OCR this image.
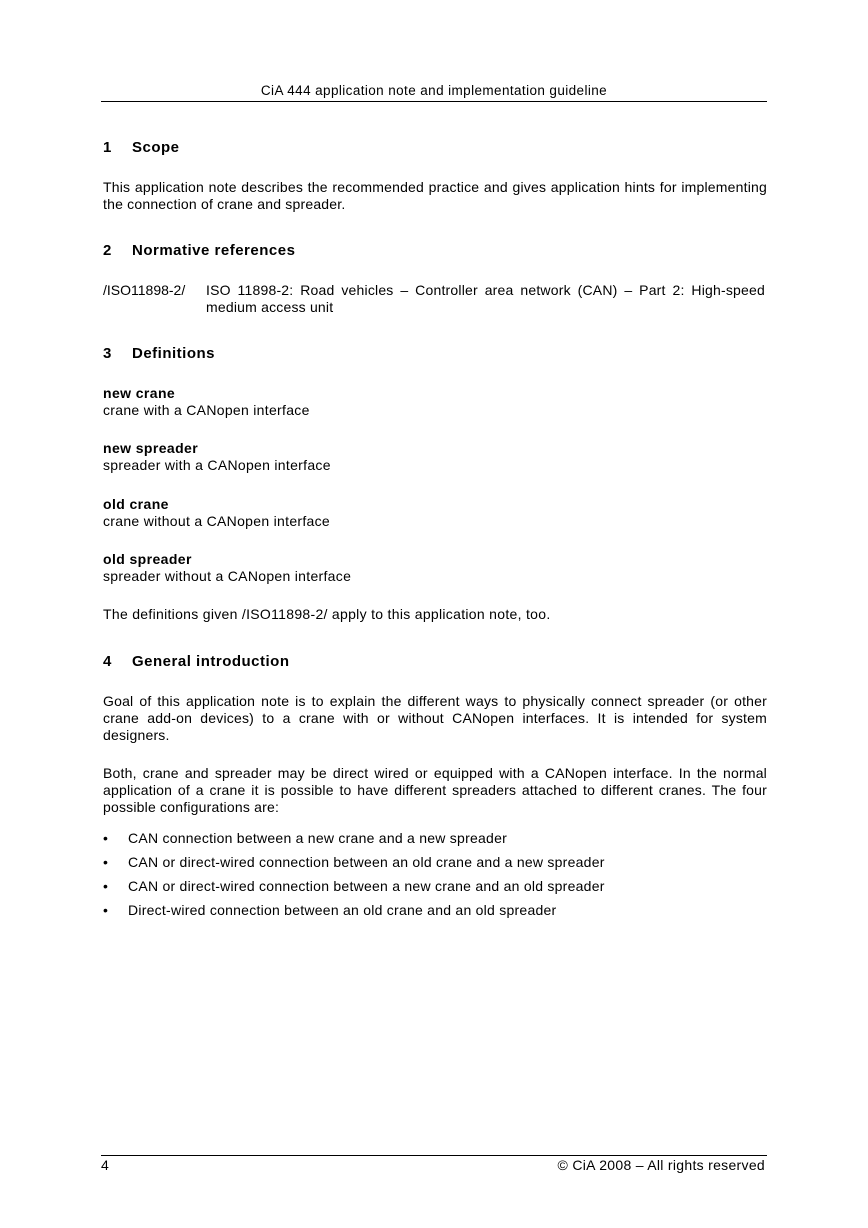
CiA 444 application note and implementation guideline
1 Scope
This application note describes the recommended practice and gives application hints for implementing the connection of crane and spreader.
2 Normative references
/ISO11898-2/ ISO 11898-2: Road vehicles – Controller area network (CAN) – Part 2: High-speed medium access unit
3 Definitions
new crane
crane with a CANopen interface
new spreader
spreader with a CANopen interface
old crane
crane without a CANopen interface
old spreader
spreader without a CANopen interface
The definitions given /ISO11898-2/ apply to this application note, too.
4 General introduction
Goal of this application note is to explain the different ways to physically connect spreader (or other crane add-on devices) to a crane with or without CANopen interfaces. It is intended for system designers.
Both, crane and spreader may be direct wired or equipped with a CANopen interface. In the normal application of a crane it is possible to have different spreaders attached to different cranes. The four possible configurations are:
• CAN connection between a new crane and a new spreader
• CAN or direct-wired connection between an old crane and a new spreader
• CAN or direct-wired connection between a new crane and an old spreader
• Direct-wired connection between an old crane and an old spreader
4	© CiA 2008 – All rights reserved
